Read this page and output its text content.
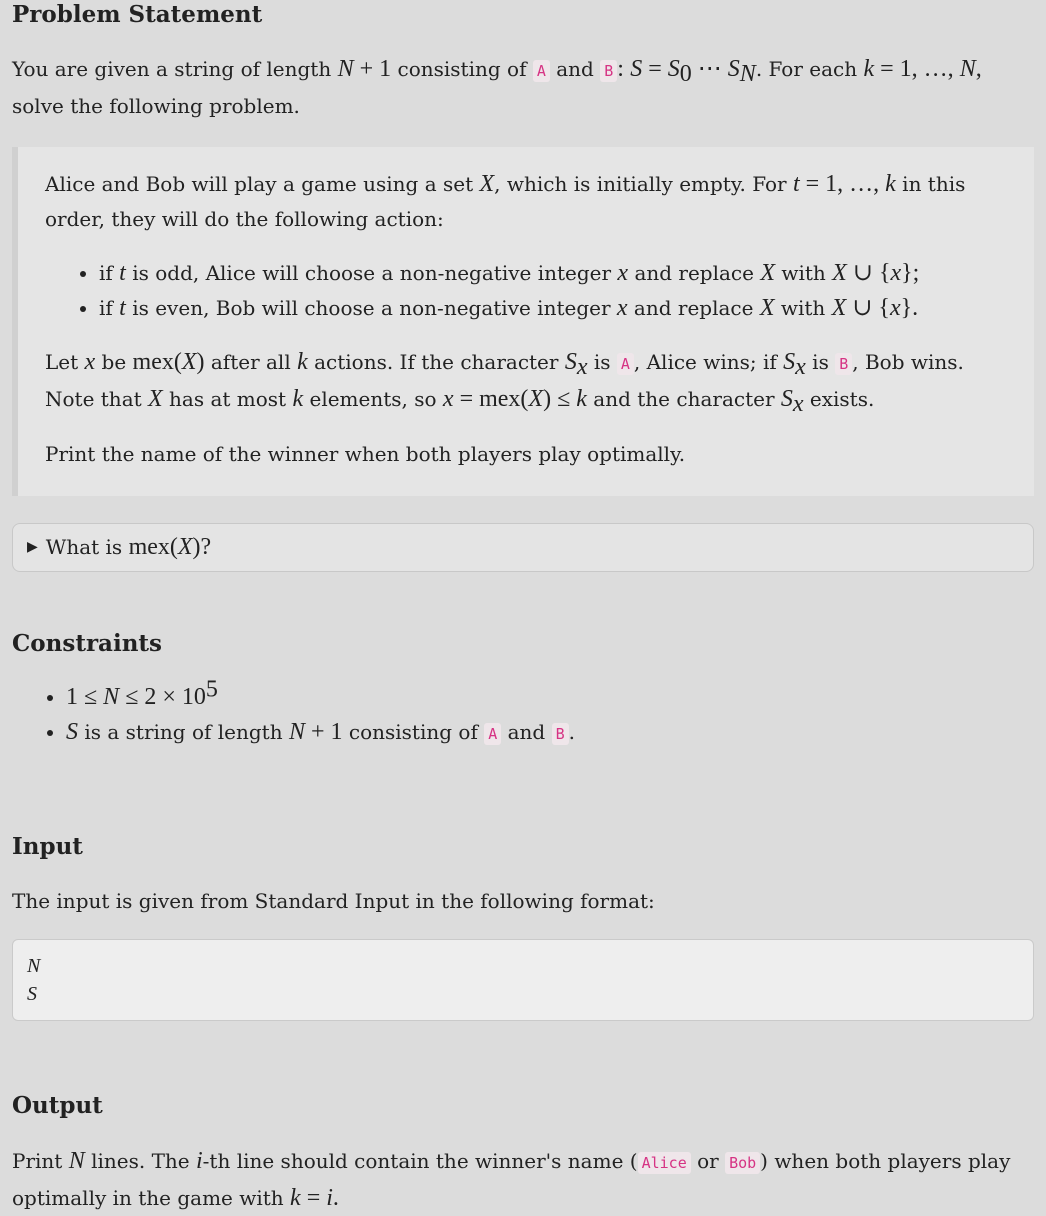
Problem Statement

You are given a string of length N + 1 consisting of A and B : $S = S_0$ ⋯ $S_N$. For each k = 1, …, N,
solve the following problem.

Alice and Bob will play a game using a set X, which is initially empty. For t = 1, …, k in this order, they will do the following action:

• if t is odd, Alice will choose a non-negative integer x and replace X with X ∪ {x};
• if t is even, Bob will choose a non-negative integer x and replace X with X ∪ {x}.

Let x be mex(X) after all k actions. If the character $S_x$ is A , Alice wins; if $S_x$ is B , Bob wins.
Note that X has at most k elements, so x = mex(X) ≤ k and the character $S_x$ exists.

Print the name of the winner when both players play optimally.

▶ What is
mex( X )?
Constraints
• $1 \le N \le 2 \times 10^5$
• S is a string of length N + 1 consisting of A and B .
Input

The input is given from Standard Input in the following format:

N
S
Output

Print N lines. The i-th line should contain the winner's name ( Alice or Bob ) when both players play
optimally in the game with k = i.
